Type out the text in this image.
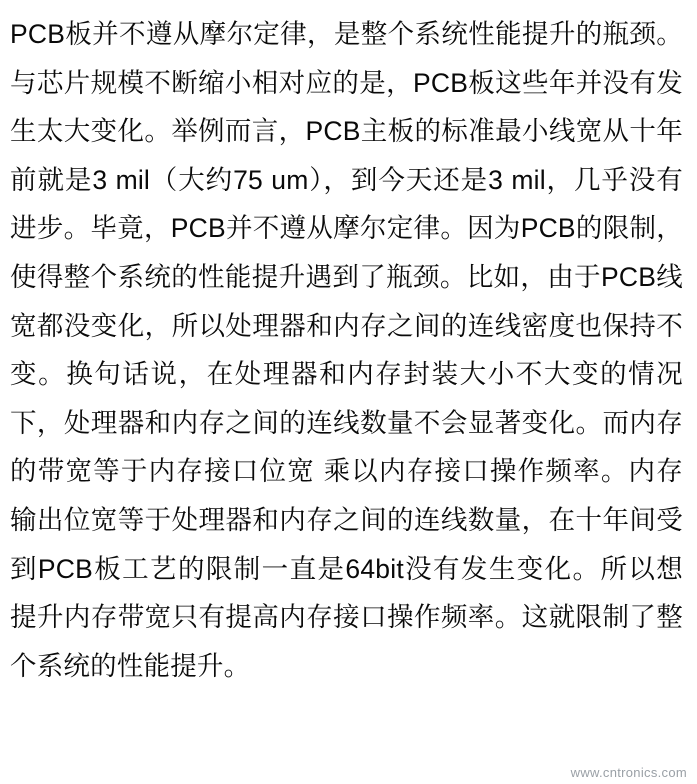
PCB板并不遵从摩尔定律，是整个系统性能提升的瓶颈。与芯片规模不断缩小相对应的是，PCB板这些年并没有发生太大变化。举例而言，PCB主板的标准最小线宽从十年前就是3 mil（大约75 um），到今天还是3 mil，几乎没有进步。毕竟，PCB并不遵从摩尔定律。因为PCB的限制，使得整个系统的性能提升遇到了瓶颈。比如，由于PCB线宽都没变化，所以处理器和内存之间的连线密度也保持不变。换句话说，在处理器和内存封装大小不大变的情况下，处理器和内存之间的连线数量不会显著变化。而内存的带宽等于内存接口位宽 乘以内存接口操作频率。内存输出位宽等于处理器和内存之间的连线数量，在十年间受到PCB板工艺的限制一直是64bit没有发生变化。所以想提升内存带宽只有提高内存接口操作频率。这就限制了整个系统的性能提升。

www.cntronics.com
